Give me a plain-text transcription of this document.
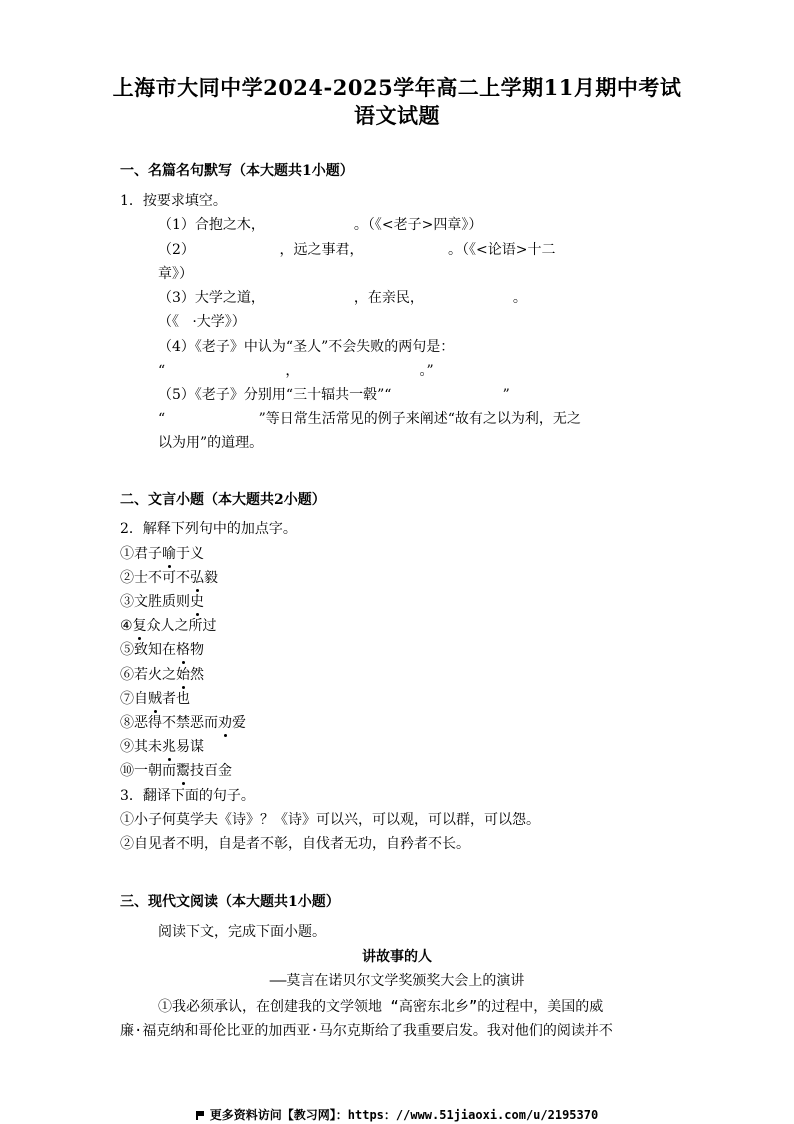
上海市大同中学2024-2025学年高二上学期11月期中考试
语文试题
一、名篇名句默写（本大题共1小题）
1．按要求填空。
（1）合抱之木，                    。（《<老子>四章》）
（2）                   ，远之事君，                   。（《<论语>十二
章》）
（3）大学之道，                    ，在亲民，                    。
（《   ·大学》）
（4）《老子》中认为“圣人”不会失败的两句是：
“                           ，                           。”
（5）《老子》分别用“三十辐共一毂”“                         ”
“                     ”等日常生活常见的例子来阐述“故有之以为利，无之
以为用”的道理。
二、文言小题（本大题共2小题）
2．解释下列句中的加点字。
①君子喻于义
②士不可不弘毅
③文胜质则史
④复众人之所过
⑤致知在格物
⑥若火之始然
⑦自贼者也
⑧恶得不禁恶而劝爱
⑨其未兆易谋
⑩一朝而鬻技百金
3．翻译下面的句子。
①小子何莫学夫《诗》？《诗》可以兴，可以观，可以群，可以怨。
②自见者不明，自是者不彰，自伐者无功，自矜者不长。
三、现代文阅读（本大题共1小题）
阅读下文，完成下面小题。
讲故事的人
——莫言在诺贝尔文学奖颁奖大会上的演讲
①我必须承认，在创建我的文学领地 “高密东北乡”的过程中，美国的威
廉·福克纳和哥伦比亚的加西亚·马尔克斯给了我重要启发。我对他们的阅读并不
更多资料访问【教习网】：https：//www.51jiaoxi.com/u/2195370
